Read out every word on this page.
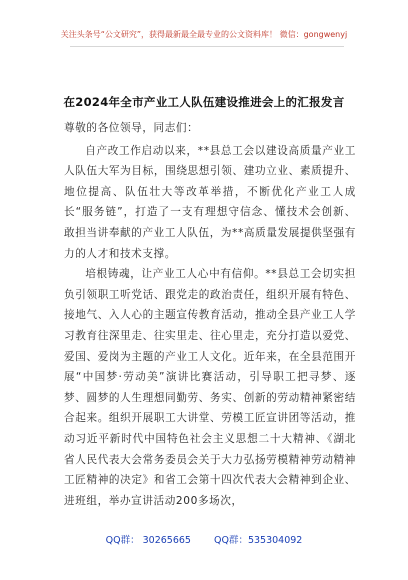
关注头条号“公文研究”，获得最新最全最专业的公文资料库！ 微信：gongwenyj
在2024年全市产业工人队伍建设推进会上的汇报发言

尊敬的各位领导，同志们：

自产改工作启动以来，**县总工会以建设高质量产业工人队伍大军为目标，围绕思想引领、建功立业、素质提升、地位提高、队伍壮大等改革举措，不断优化产业工人成长“服务链”，打造了一支有理想守信念、懂技术会创新、敢担当讲奉献的产业工人队伍，为**高质量发展提供坚强有力的人才和技术支撑。

培根铸魂，让产业工人心中有信仰。**县总工会切实担负引领职工听党话、跟党走的政治责任，组织开展有特色、接地气、入人心的主题宣传教育活动，推动全县产业工人学习教育往深里走、往实里走、往心里走，充分打造以爱党、爱国、爱岗为主题的产业工人文化。近年来，在全县范围开展“中国梦·劳动美”演讲比赛活动，引导职工把寻梦、逐梦、圆梦的人生理想同勤劳、务实、创新的劳动精神紧密结合起来。组织开展职工大讲堂、劳模工匠宣讲团等活动，推动习近平新时代中国特色社会主义思想二十大精神、《湖北省人民代表大会常务委员会关于大力弘扬劳模精神劳动精神工匠精神的决定》和省工会第十四次代表大会精神到企业、进班组，举办宣讲活动200多场次，

QQ群： 30265665 QQ群：535304092
